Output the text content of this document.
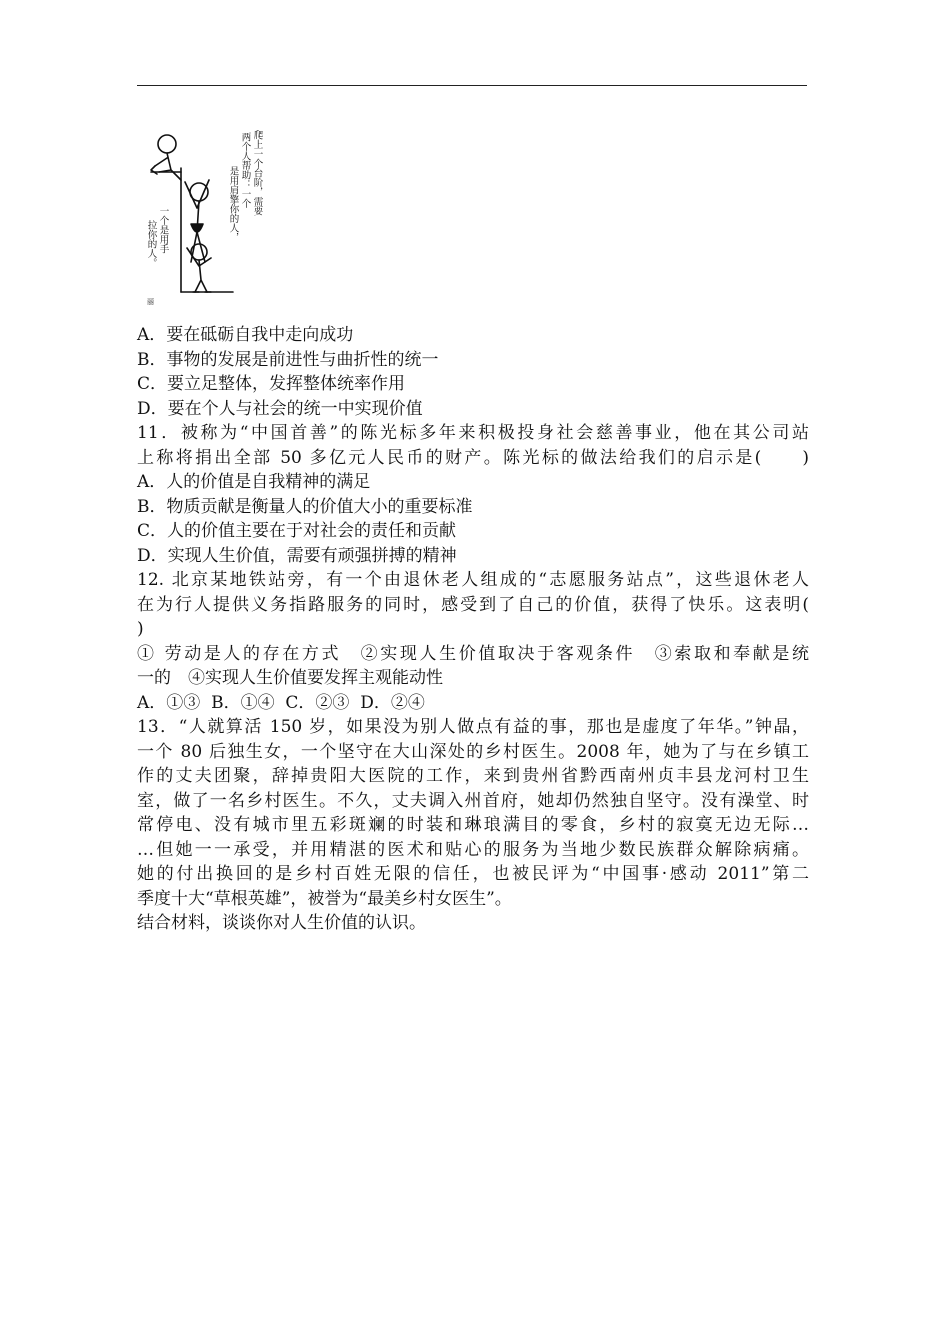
爬上一个台阶，需要
两个人帮助：一个
是用肩擎你的人，
一个是用手
拉你的人。
丽
A．要在砥砺自我中走向成功
B．事物的发展是前进性与曲折性的统一
C．要立足整体，发挥整体统率作用
D．要在个人与社会的统一中实现价值
11．被称为“中国首善”的陈光标多年来积极投身社会慈善事业，他在其公司站
上称将捐出全部 50 多亿元人民币的财产。陈光标的做法给我们的启示是(　　)
A．人的价值是自我精神的满足
B．物质贡献是衡量人的价值大小的重要标准
C．人的价值主要在于对社会的责任和贡献
D．实现人生价值，需要有顽强拼搏的精神
12. 北京某地铁站旁，有一个由退休老人组成的“志愿服务站点”，这些退休老人
在为行人提供义务指路服务的同时，感受到了自己的价值，获得了快乐。这表明(
)
① 劳动是人的存在方式　②实现人生价值取决于客观条件　③索取和奉献是统
一的　④实现人生价值要发挥主观能动性
A．①③  B．①④  C．②③  D．②④
13．“人就算活 150 岁，如果没为别人做点有益的事，那也是虚度了年华。”钟晶，
一个 80 后独生女，一个坚守在大山深处的乡村医生。2008 年，她为了与在乡镇工
作的丈夫团聚，辞掉贵阳大医院的工作，来到贵州省黔西南州贞丰县龙河村卫生
室，做了一名乡村医生。不久，丈夫调入州首府，她却仍然独自坚守。没有澡堂、时
常停电、没有城市里五彩斑斓的时装和琳琅满目的零食，乡村的寂寞无边无际…
…但她一一承受，并用精湛的医术和贴心的服务为当地少数民族群众解除病痛。
她的付出换回的是乡村百姓无限的信任，也被民评为“中国事·感动 2011”第二
季度十大“草根英雄”，被誉为“最美乡村女医生”。
结合材料，谈谈你对人生价值的认识。
